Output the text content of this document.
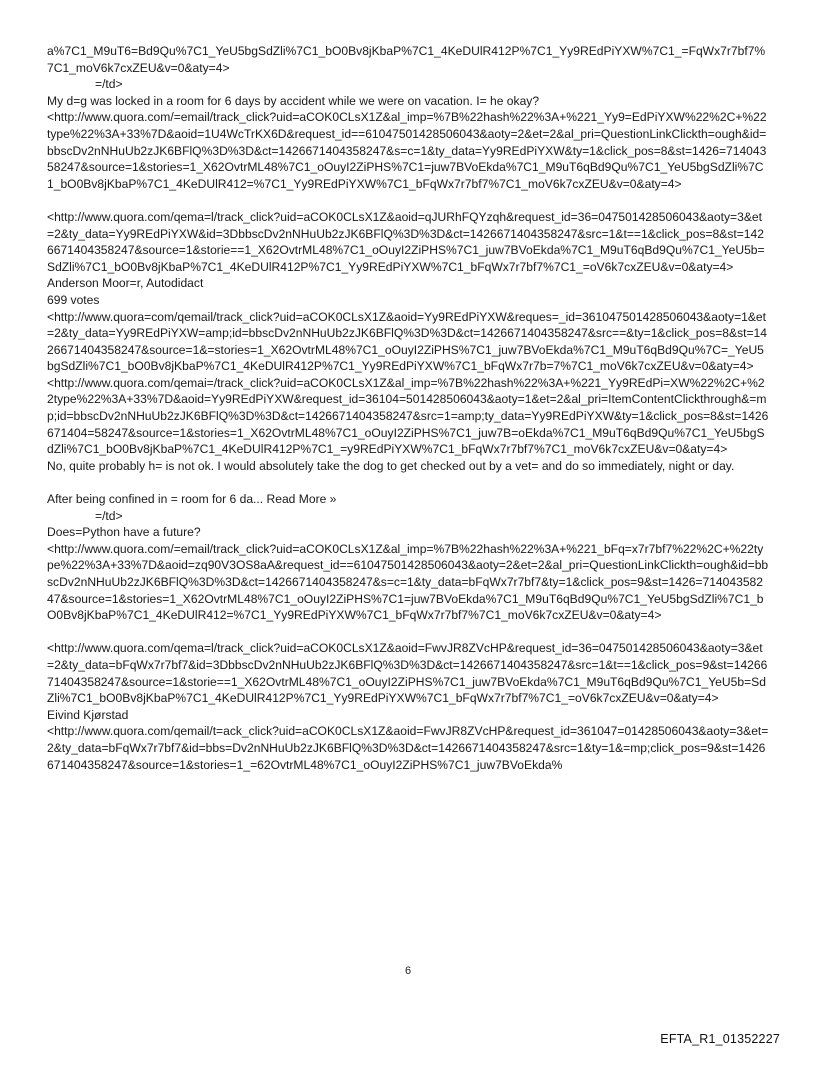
a%7C1_M9uT6=Bd9Qu%7C1_YeU5bgSdZli%7C1_bO0Bv8jKbaP%7C1_4KeDUlR412P%7C1_Yy9REdPiYXW%7C1_=FqWx7r7bf7%7C1_moV6k7cxZEU&v=0&aty=4>

=/td>

My d=g was locked in a room for 6 days by accident while we were on vacation. I= he okay?

<http://www.quora.com/=email/track_click?uid=aCOK0CLsX1Z&al_imp=%7B%22hash%22%3A+%221_Yy9=EdPiYXW%22%2C+%22type%22%3A+33%7D&aoid=1U4WcTrKX6D&request_id==61047501428506043&aoty=2&et=2&al_pri=QuestionLinkClickth=ough&id=bbscDv2nNHuUb2zJK6BFlQ%3D%3D&ct=1426671404358247&s=c=1&ty_data=Yy9REdPiYXW&ty=1&click_pos=8&st=1426=71404358247&source=1&stories=1_X62OvtrML48%7C1_oOuyI2ZiPHS%7C1=juw7BVoEkda%7C1_M9uT6qBd9Qu%7C1_YeU5bgSdZli%7C1_bO0Bv8jKbaP%7C1_4KeDUlR412=%7C1_Yy9REdPiYXW%7C1_bFqWx7r7bf7%7C1_moV6k7cxZEU&v=0&aty=4>

<http://www.quora.com/qema=l/track_click?uid=aCOK0CLsX1Z&aoid=qJURhFQYzqh&request_id=36=047501428506043&aoty=3&et=2&ty_data=Yy9REdPiYXW&id=3DbbscDv2nNHuUb2zJK6BFlQ%3D%3D&ct=1426671404358247&src=1&t==1&click_pos=8&st=1426671404358247&source=1&storie==1_X62OvtrML48%7C1_oOuyI2ZiPHS%7C1_juw7BVoEkda%7C1_M9uT6qBd9Qu%7C1_YeU5b=SdZli%7C1_bO0Bv8jKbaP%7C1_4KeDUlR412P%7C1_Yy9REdPiYXW%7C1_bFqWx7r7bf7%7C1_=oV6k7cxZEU&v=0&aty=4>

Anderson Moor=r, Autodidact

699 votes

<http://www.quora=com/qemail/track_click?uid=aCOK0CLsX1Z&aoid=Yy9REdPiYXW&reques=_id=361047501428506043&aoty=1&et=2&ty_data=Yy9REdPiYXW=amp;id=bbscDv2nNHuUb2zJK6BFlQ%3D%3D&ct=1426671404358247&src==&ty=1&click_pos=8&st=1426671404358247&source=1&=stories=1_X62OvtrML48%7C1_oOuyI2ZiPHS%7C1_juw7BVoEkda%7C1_M9uT6qBd9Qu%7C=_YeU5bgSdZli%7C1_bO0Bv8jKbaP%7C1_4KeDUlR412P%7C1_Yy9REdPiYXW%7C1_bFqWx7r7b=7%7C1_moV6k7cxZEU&v=0&aty=4>

<http://www.quora.com/qemai=/track_click?uid=aCOK0CLsX1Z&al_imp=%7B%22hash%22%3A+%221_Yy9REdPi=XW%22%2C+%22type%22%3A+33%7D&aoid=Yy9REdPiYXW&request_id=36104=501428506043&aoty=1&et=2&al_pri=ItemContentClickthrough&=mp;id=bbscDv2nNHuUb2zJK6BFlQ%3D%3D&ct=1426671404358247&src=1=amp;ty_data=Yy9REdPiYXW&ty=1&click_pos=8&st=1426671404=58247&source=1&stories=1_X62OvtrML48%7C1_oOuyI2ZiPHS%7C1_juw7B=oEkda%7C1_M9uT6qBd9Qu%7C1_YeU5bgSdZli%7C1_bO0Bv8jKbaP%7C1_4KeDUlR412P%7C1_=y9REdPiYXW%7C1_bFqWx7r7bf7%7C1_moV6k7cxZEU&v=0&aty=4>

No, quite probably h= is not ok. I would absolutely take the dog to get checked out by a vet= and do so immediately, night or day.

After being confined in = room for 6 da... Read More »

=/td>

Does=Python have a future?

<http://www.quora.com/=email/track_click?uid=aCOK0CLsX1Z&al_imp=%7B%22hash%22%3A+%221_bFq=x7r7bf7%22%2C+%22type%22%3A+33%7D&aoid=zq90V3OS8aA&request_id==61047501428506043&aoty=2&et=2&al_pri=QuestionLinkClickth=ough&id=bbscDv2nNHuUb2zJK6BFlQ%3D%3D&ct=1426671404358247&s=c=1&ty_data=bFqWx7r7bf7&ty=1&click_pos=9&st=1426=71404358247&source=1&stories=1_X62OvtrML48%7C1_oOuyI2ZiPHS%7C1=juw7BVoEkda%7C1_M9uT6qBd9Qu%7C1_YeU5bgSdZli%7C1_bO0Bv8jKbaP%7C1_4KeDUlR412=%7C1_Yy9REdPiYXW%7C1_bFqWx7r7bf7%7C1_moV6k7cxZEU&v=0&aty=4>

<http://www.quora.com/qema=l/track_click?uid=aCOK0CLsX1Z&aoid=FwvJR8ZVcHP&request_id=36=047501428506043&aoty=3&et=2&ty_data=bFqWx7r7bf7&id=3DbbscDv2nNHuUb2zJK6BFlQ%3D%3D&ct=1426671404358247&src=1&t==1&click_pos=9&st=1426671404358247&source=1&storie==1_X62OvtrML48%7C1_oOuyI2ZiPHS%7C1_juw7BVoEkda%7C1_M9uT6qBd9Qu%7C1_YeU5b=SdZli%7C1_bO0Bv8jKbaP%7C1_4KeDUlR412P%7C1_Yy9REdPiYXW%7C1_bFqWx7r7bf7%7C1_=oV6k7cxZEU&v=0&aty=4>

Eivind Kjørstad

<http://www.quora.com/qemail/t=ack_click?uid=aCOK0CLsX1Z&aoid=FwvJR8ZVcHP&request_id=361047=01428506043&aoty=3&et=2&ty_data=bFqWx7r7bf7&id=bbs=Dv2nNHuUb2zJK6BFlQ%3D%3D&ct=1426671404358247&src=1&ty=1&=mp;click_pos=9&st=1426671404358247&source=1&stories=1_=62OvtrML48%7C1_oOuyI2ZiPHS%7C1_juw7BVoEkda%

6
EFTA_R1_01352227
